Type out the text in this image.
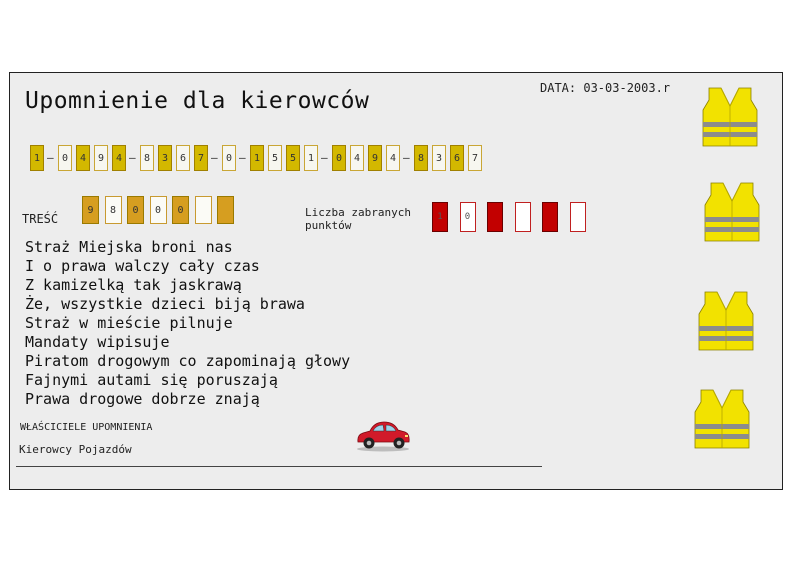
Upomnienie dla kierowców	DATA: 03-03-2003.r
1 – 0	4	9	4 – 8	3	6	7 – 0 – 1	5	5	1 – 0	4	9	4 – 8	3	6	7
TREŚĆ
9	8	0	0	0	Liczba zabranych
punktów
1	0
Straż Miejska broni nas
I o prawa walczy cały czas
Z kamizelką tak jaskrawą
Że, wszystkie dzieci biją brawa
Straż w mieście pilnuje
Mandaty wipisuje
Piratom drogowym co zapominają głowy
Fajnymi autami się poruszają
Prawa drogowe dobrze znają
WŁAŚCICIELE UPOMNIENIA
Kierowcy Pojazdów
